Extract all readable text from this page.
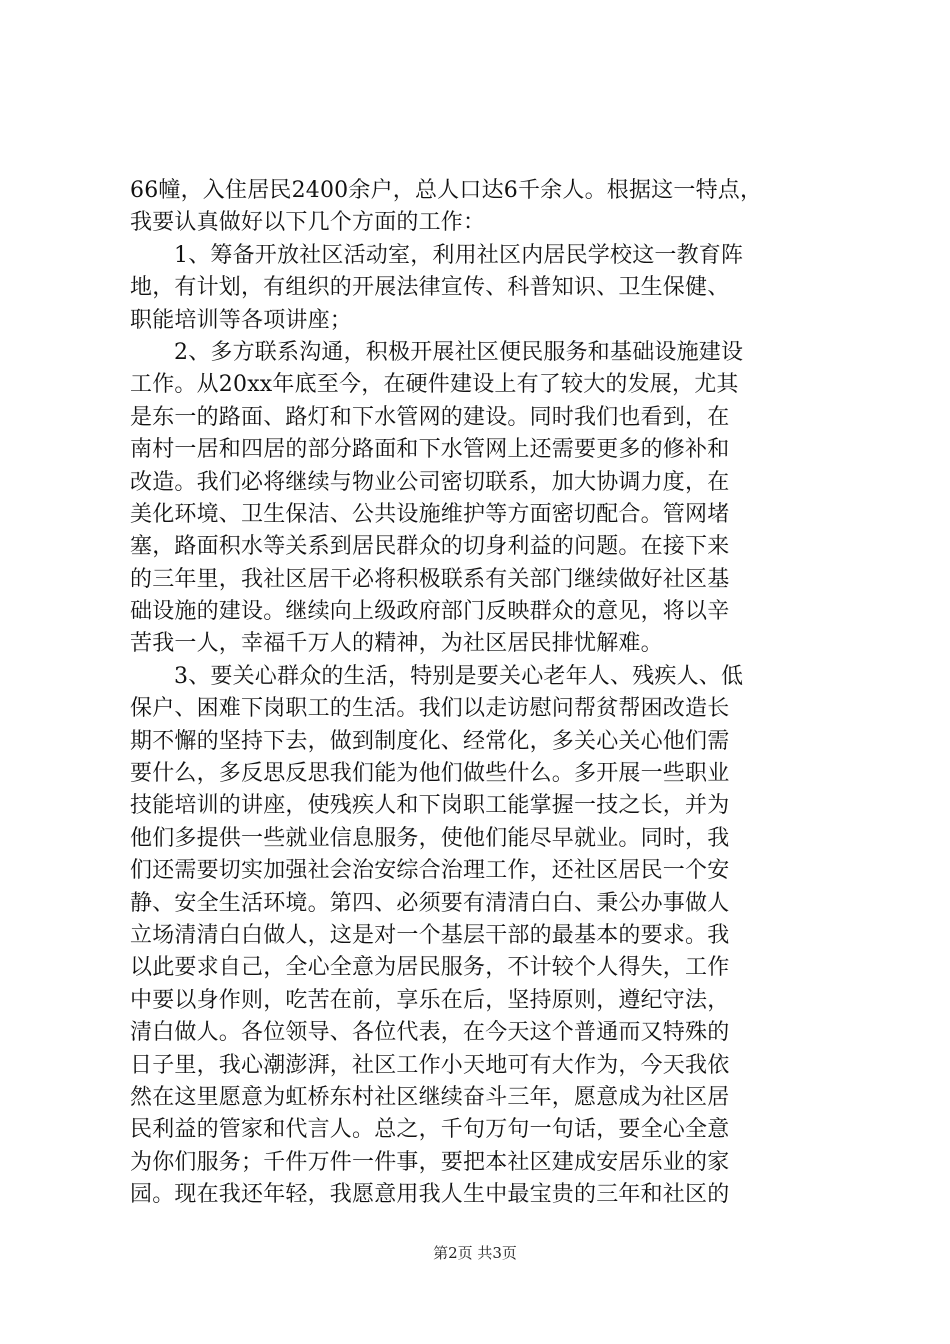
66幢，入住居民2400余户，总人口达6千余人。根据这一特点，
我要认真做好以下几个方面的工作：
1、筹备开放社区活动室，利用社区内居民学校这一教育阵
地，有计划，有组织的开展法律宣传、科普知识、卫生保健、
职能培训等各项讲座；
2、多方联系沟通，积极开展社区便民服务和基础设施建设
工作。从20xx年底至今，在硬件建设上有了较大的发展，尤其
是东一的路面、路灯和下水管网的建设。同时我们也看到，在
南村一居和四居的部分路面和下水管网上还需要更多的修补和
改造。我们必将继续与物业公司密切联系，加大协调力度，在
美化环境、卫生保洁、公共设施维护等方面密切配合。管网堵
塞，路面积水等关系到居民群众的切身利益的问题。在接下来
的三年里，我社区居干必将积极联系有关部门继续做好社区基
础设施的建设。继续向上级政府部门反映群众的意见，将以辛
苦我一人，幸福千万人的精神，为社区居民排忧解难。
3、要关心群众的生活，特别是要关心老年人、残疾人、低
保户、困难下岗职工的生活。我们以走访慰问帮贫帮困改造长
期不懈的坚持下去，做到制度化、经常化，多关心关心他们需
要什么，多反思反思我们能为他们做些什么。多开展一些职业
技能培训的讲座，使残疾人和下岗职工能掌握一技之长，并为
他们多提供一些就业信息服务，使他们能尽早就业。同时，我
们还需要切实加强社会治安综合治理工作，还社区居民一个安
静、安全生活环境。第四、必须要有清清白白、秉公办事做人
立场清清白白做人，这是对一个基层干部的最基本的要求。我
以此要求自己，全心全意为居民服务，不计较个人得失，工作
中要以身作则，吃苦在前，享乐在后，坚持原则，遵纪守法，
清白做人。各位领导、各位代表，在今天这个普通而又特殊的
日子里，我心潮澎湃，社区工作小天地可有大作为，今天我依
然在这里愿意为虹桥东村社区继续奋斗三年，愿意成为社区居
民利益的管家和代言人。总之，千句万句一句话，要全心全意
为你们服务；千件万件一件事，要把本社区建成安居乐业的家
园。现在我还年轻，我愿意用我人生中最宝贵的三年和社区的
第2页 共3页
